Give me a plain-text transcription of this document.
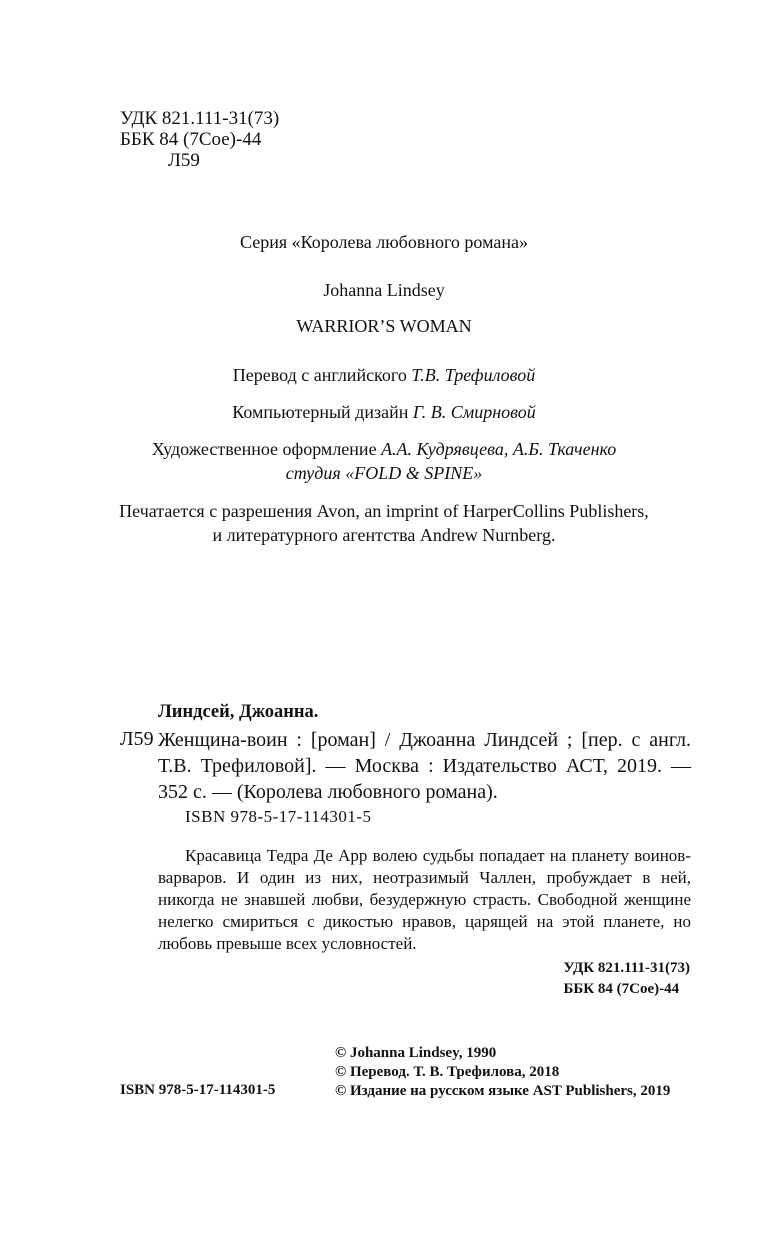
УДК 821.111-31(73)
ББК 84 (7Сое)-44
Л59
Серия «Королева любовного романа»
Johanna Lindsey
WARRIOR’S WOMAN
Перевод с английского Т.В. Трефиловой
Компьютерный дизайн Г. В. Смирновой
Художественное оформление А.А. Кудрявцева, А.Б. Ткаченко
студия «FOLD & SPINE»
Печатается с разрешения Avon, an imprint of HarperCollins Publishers,
и литературного агентства Andrew Nurnberg.
Линдсей, Джоанна.
Л59 Женщина-воин : [роман] / Джоанна Линдсей ; [пер. с англ. Т.В. Трефиловой]. — Москва : Издательство АСТ, 2019. — 352 с. — (Королева любовного романа).
ISBN 978-5-17-114301-5
Красавица Тедра Де Арр волею судьбы попадает на планету воинов-варваров. И один из них, неотразимый Чаллен, пробуждает в ней, никогда не знавшей любви, безудержную страсть. Свободной женщине нелегко смириться с дикостью нравов, царящей на этой планете, но любовь превыше всех условностей.
УДК 821.111-31(73)
ББК 84 (7Сое)-44
© Johanna Lindsey, 1990
© Перевод. Т. В. Трефилова, 2018
© Издание на русском языке AST Publishers, 2019
ISBN 978-5-17-114301-5
